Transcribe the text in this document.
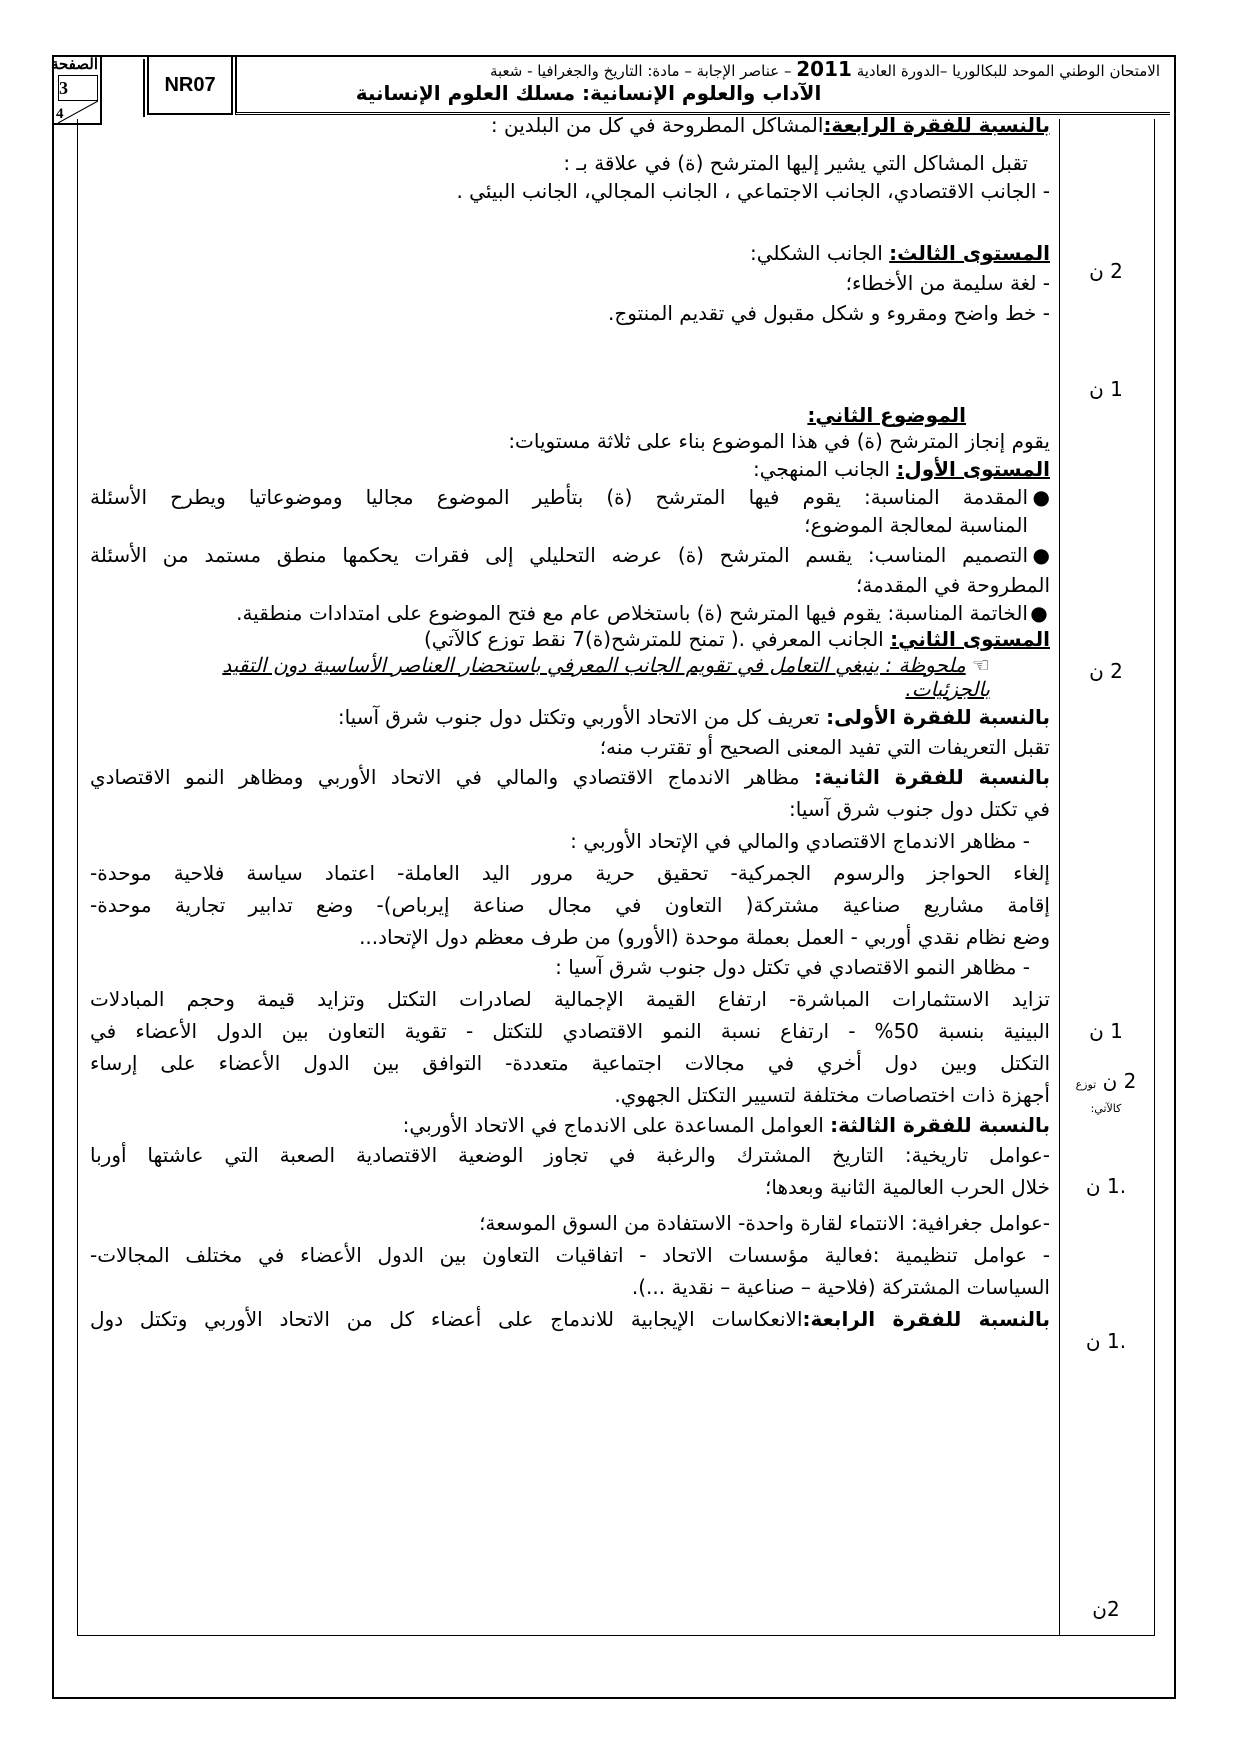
الصفحة
3
4
NR07
الامتحان الوطني الموحد للبكالوريا –الدورة العادية 2011 – عناصر الإجابة – مادة: التاريخ والجغرافيا - شعبة
الآداب والعلوم الإنسانية: مسلك العلوم الإنسانية
2 ن
1 ن
2 ن
1 ن
2 ن توزع كالآتي:
.1 ن
.1 ن
2ن
بالنسبة للفقرة الرابعة:المشاكل المطروحة في كل من البلدين :
تقبل المشاكل التي يشير إليها المترشح (ة) في علاقة بـ :
- الجانب الاقتصادي، الجانب الاجتماعي ، الجانب المجالي، الجانب البيئي .
المستوى الثالث: الجانب الشكلي:
- لغة سليمة من الأخطاء؛
- خط واضح ومقروء و شكل مقبول في تقديم المنتوج.
الموضوع الثاني:
يقوم إنجاز المترشح (ة) في هذا الموضوع بناء على ثلاثة مستويات:
المستوى الأول: الجانب المنهجي:
●المقدمة المناسبة: يقوم فيها المترشح (ة) بتأطير الموضوع مجاليا وموضوعاتيا ويطرح الأسئلة
المناسبة لمعالجة الموضوع؛
●التصميم المناسب: يقسم المترشح (ة) عرضه التحليلي إلى فقرات يحكمها منطق مستمد من الأسئلة
المطروحة في المقدمة؛
●الخاتمة المناسبة: يقوم فيها المترشح (ة) باستخلاص عام مع فتح الموضوع على امتدادات منطقية.
المستوى الثاني: الجانب المعرفي .( تمنح للمترشح(ة)7 نقط توزع كالآتي)
☜ ملحوظة : ينبغي التعامل في تقويم الجانب المعرفي باستحضار العناصر الأساسية دون التقيد
بالجزئيات.
بالنسبة للفقرة الأولى: تعريف كل من الاتحاد الأوربي وتكتل دول جنوب شرق آسيا:
تقبل التعريفات التي تفيد المعنى الصحيح أو تقترب منه؛
بالنسبة للفقرة الثانية: مظاهر الاندماج الاقتصادي والمالي في الاتحاد الأوربي ومظاهر النمو الاقتصادي
في تكتل دول جنوب شرق آسيا:
- مظاهر الاندماج الاقتصادي والمالي في الإتحاد الأوربي :
إلغاء الحواجز والرسوم الجمركية- تحقيق حرية مرور اليد العاملة- اعتماد سياسة فلاحية موحدة-
إقامة مشاريع صناعية مشتركة( التعاون في مجال صناعة إيرباص)- وضع تدابير تجارية موحدة-
وضع نظام نقدي أوربي - العمل بعملة موحدة (الأورو) من طرف معظم دول الإتحاد...
- مظاهر النمو الاقتصادي في تكتل دول جنوب شرق آسيا :
تزايد الاستثمارات المباشرة- ارتفاع القيمة الإجمالية لصادرات التكتل وتزايد قيمة وحجم المبادلات
البينية بنسبة 50% - ارتفاع نسبة النمو الاقتصادي للتكتل - تقوية التعاون بين الدول الأعضاء في
التكتل وبين دول أخري في مجالات اجتماعية متعددة- التوافق بين الدول الأعضاء على إرساء
أجهزة ذات اختصاصات مختلفة لتسيير التكتل الجهوي.
بالنسبة للفقرة الثالثة: العوامل المساعدة على الاندماج في الاتحاد الأوربي:
-عوامل تاريخية: التاريخ المشترك والرغبة في تجاوز الوضعية الاقتصادية الصعبة التي عاشتها أوربا
خلال الحرب العالمية الثانية وبعدها؛
-عوامل جغرافية: الانتماء لقارة واحدة- الاستفادة من السوق الموسعة؛
- عوامل تنظيمية :فعالية مؤسسات الاتحاد - اتفاقيات التعاون بين الدول الأعضاء في مختلف المجالات-
السياسات المشتركة (فلاحية – صناعية – نقدية ...).
بالنسبة للفقرة الرابعة:الانعكاسات الإيجابية للاندماج على أعضاء كل من الاتحاد الأوربي وتكتل دول
